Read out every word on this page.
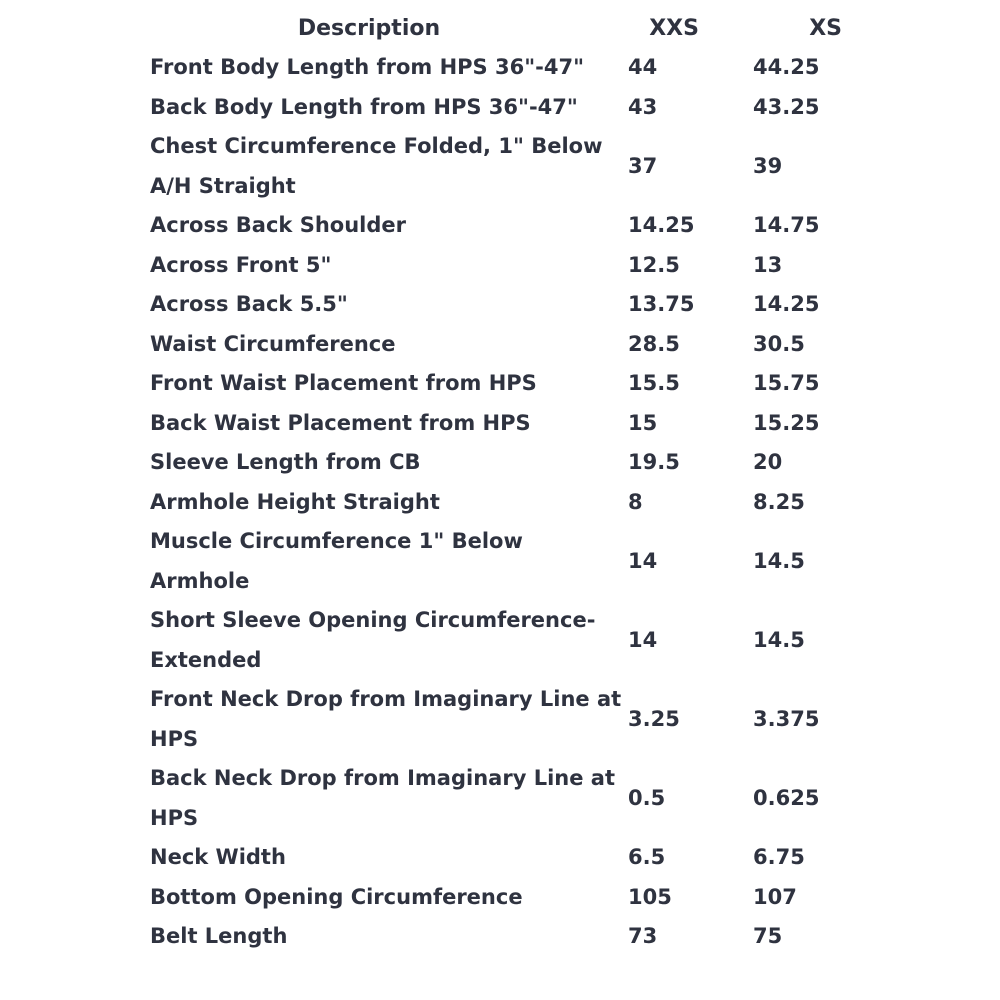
Description	XXS	XS
Front Body Length from HPS 36"-47"	44	44.25
Back Body Length from HPS 36"-47"	43	43.25
Chest Circumference Folded, 1" Below A/H Straight	37	39
Across Back Shoulder	14.25	14.75
Across Front 5"	12.5	13
Across Back 5.5"	13.75	14.25
Waist Circumference	28.5	30.5
Front Waist Placement from HPS	15.5	15.75
Back Waist Placement from HPS	15	15.25
Sleeve Length from CB	19.5	20
Armhole Height Straight	8	8.25
Muscle Circumference 1" Below Armhole	14	14.5
Short Sleeve Opening Circumference- Extended	14	14.5
Front Neck Drop from Imaginary Line at HPS	3.25	3.375
Back Neck Drop from Imaginary Line at HPS	0.5	0.625
Neck Width	6.5	6.75
Bottom Opening Circumference	105	107
Belt Length	73	75
